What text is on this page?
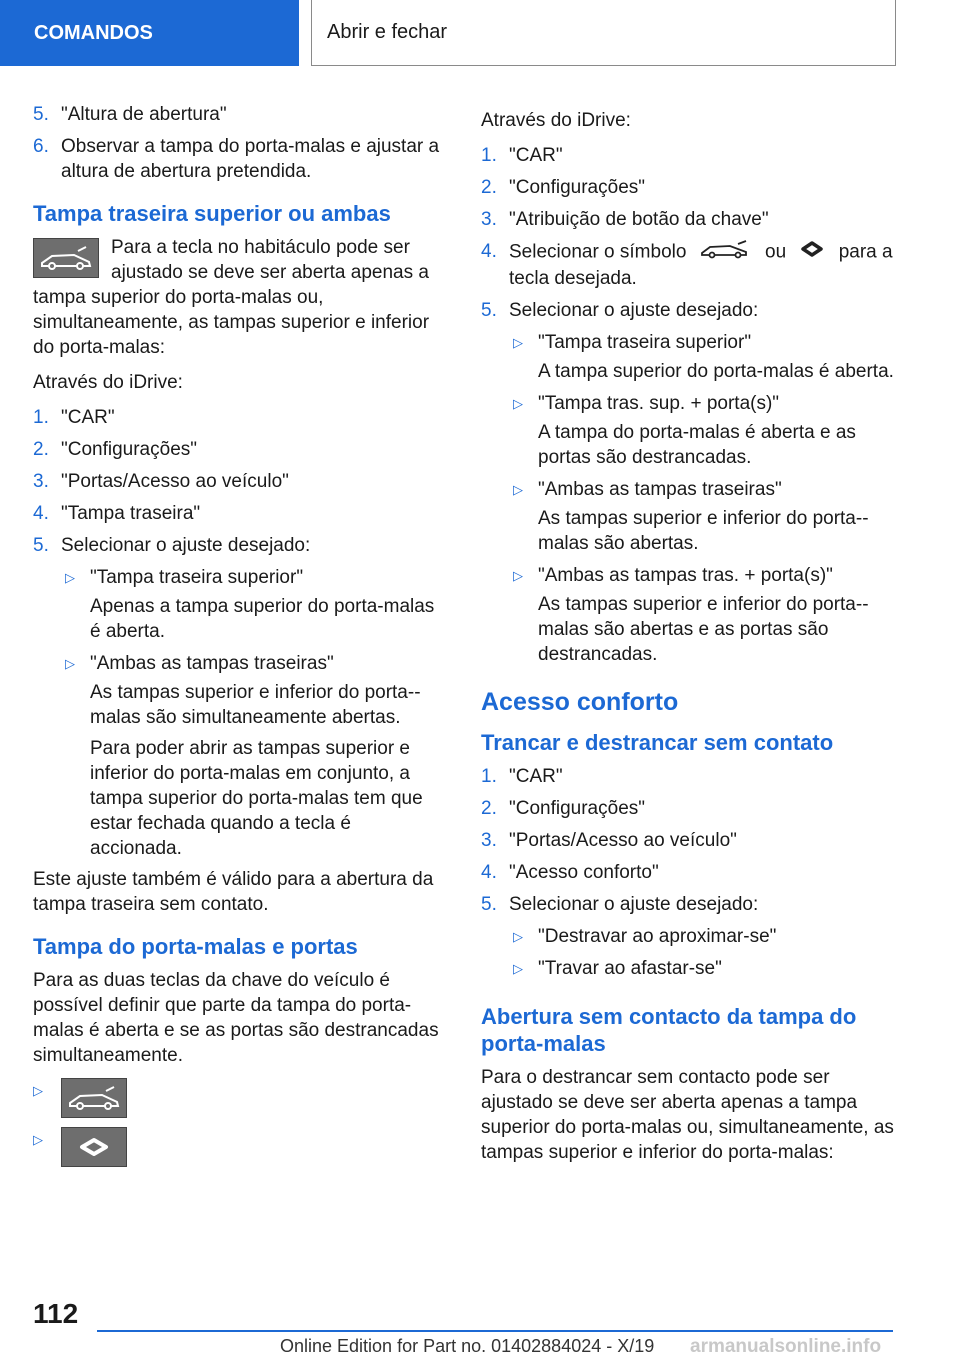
COMANDOS	Abrir e fechar
5. "Altura de abertura"
6. Observar a tampa do porta-malas e ajustar a altura de abertura pretendida.
Tampa traseira superior ou ambas
Para a tecla no habitáculo pode ser ajustado se deve ser aberta apenas a tampa superior do porta-malas ou, simultaneamente, as tampas superior e inferior do porta-malas:
Através do iDrive:
1. "CAR"
2. "Configurações"
3. "Portas/Acesso ao veículo"
4. "Tampa traseira"
5. Selecionar o ajuste desejado:
▷ "Tampa traseira superior"
Apenas a tampa superior do porta-malas é aberta.
▷ "Ambas as tampas traseiras"
As tampas superior e inferior do porta--malas são simultaneamente abertas.
Para poder abrir as tampas superior e inferior do porta-malas em conjunto, a tampa superior do porta-malas tem que estar fechada quando a tecla é accionada.
Este ajuste também é válido para a abertura da tampa traseira sem contato.
Tampa do porta-malas e portas
Para as duas teclas da chave do veículo é possível definir que parte da tampa do porta-malas é aberta e se as portas são destrancadas simultaneamente.
▷
▷
Através do iDrive:
1. "CAR"
2. "Configurações"
3. "Atribuição de botão da chave"
4. Selecionar o símbolo	ou	para a tecla desejada.
5. Selecionar o ajuste desejado:
▷ "Tampa traseira superior"
A tampa superior do porta-malas é aberta.
▷ "Tampa tras. sup. + porta(s)"
A tampa do porta-malas é aberta e as portas são destrancadas.
▷ "Ambas as tampas traseiras"
As tampas superior e inferior do porta--malas são abertas.
▷ "Ambas as tampas tras. + porta(s)"
As tampas superior e inferior do porta--malas são abertas e as portas são destrancadas.
Acesso conforto
Trancar e destrancar sem contato
1. "CAR"
2. "Configurações"
3. "Portas/Acesso ao veículo"
4. "Acesso conforto"
5. Selecionar o ajuste desejado:
▷ "Destravar ao aproximar-se"
▷ "Travar ao afastar-se"
Abertura sem contacto da tampa do porta-malas
Para o destrancar sem contacto pode ser ajustado se deve ser aberta apenas a tampa superior do porta-malas ou, simultaneamente, as tampas superior e inferior do porta-malas:
112
Online Edition for Part no. 01402884024 - X/19 armanualsonline.info
